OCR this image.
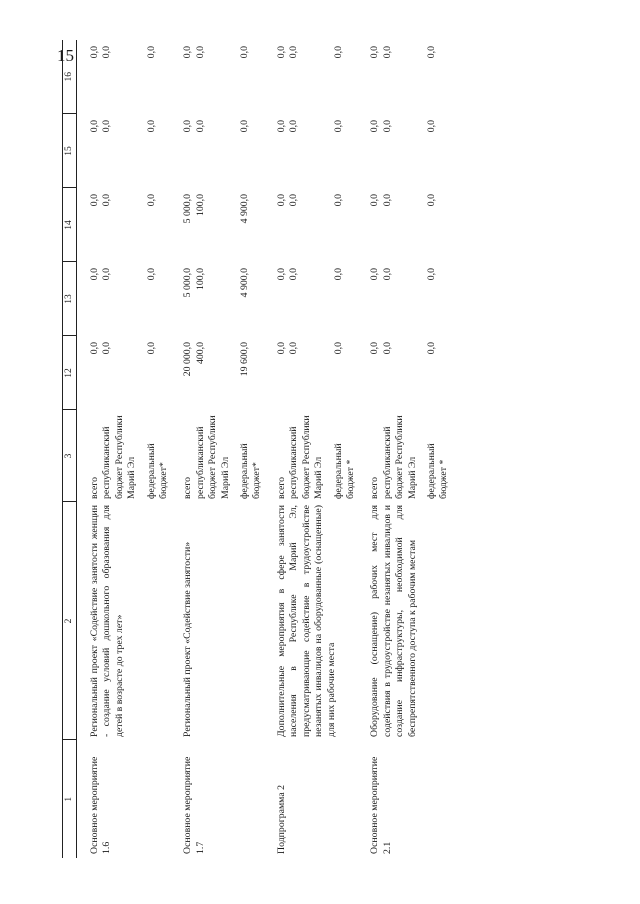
15
1	2	3	12	13	14	15	16
Основное мероприятие 1.6	Региональный проект «Содействие занятости женщин - создание условий дошкольного образования для детей в возрасте до трех лет»	всего	0,0	0,0	0,0	0,0	0,0
		республиканский бюджет Республики Марий Эл	0,0	0,0	0,0	0,0	0,0
		федеральный бюджет*	0,0	0,0	0,0	0,0	0,0
Основное мероприятие 1.7	Региональный проект «Содействие занятости»	всего	20 000,0	5 000,0	5 000,0	0,0	0,0
		республиканский бюджет Республики Марий Эл	400,0	100,0	100,0	0,0	0,0
		федеральный бюджет*	19 600,0	4 900,0	4 900,0	0,0	0,0
Подпрограмма 2	Дополнительные мероприятия в сфере занятости населения в Республике Марий Эл, предусматривающие содействие в трудоустройстве незанятых инвалидов на оборудованные (оснащенные) для них рабочие места	всего	0,0	0,0	0,0	0,0	0,0
		республиканский бюджет Республики Марий Эл	0,0	0,0	0,0	0,0	0,0
		федеральный бюджет *	0,0	0,0	0,0	0,0	0,0
Основное мероприятие 2.1	Оборудование (оснащение) рабочих мест для содействия в трудоустройстве незанятых инвалидов и создание инфраструктуры, необходимой для беспрепятственного доступа к рабочим местам	всего	0,0	0,0	0,0	0,0	0,0
		республиканский бюджет Республики Марий Эл	0,0	0,0	0,0	0,0	0,0
		федеральный бюджет *	0,0	0,0	0,0	0,0	0,0
